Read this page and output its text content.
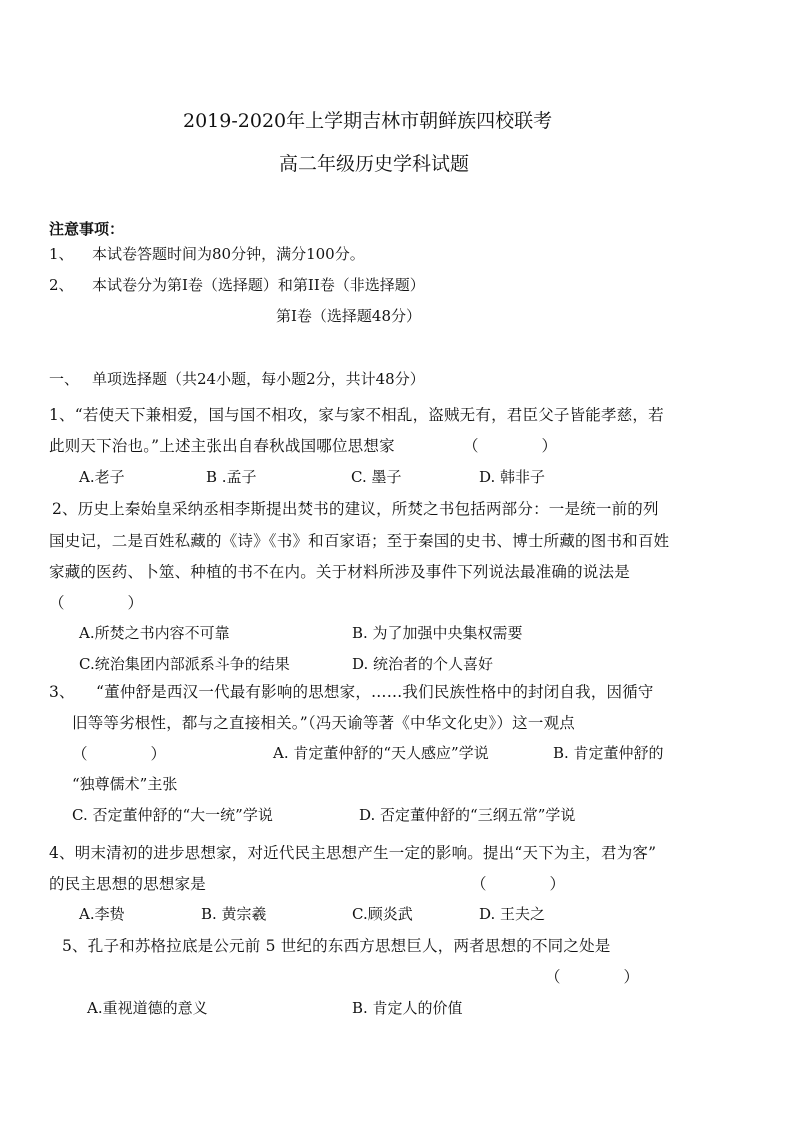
2019-2020年上学期吉林市朝鲜族四校联考
高二年级历史学科试题
注意事项：
1、 本试卷答题时间为80分钟，满分100分。
2、 本试卷分为第I卷（选择题）和第II卷（非选择题）
第I卷（选择题48分）
一、 单项选择题（共24小题，每小题2分，共计48分）
1、“若使天下兼相爱，国与国不相攻，家与家不相乱，盗贼无有，君臣父子皆能孝慈，若
此则天下治也。”上述主张出自春秋战国哪位思想家	（　　　　）
A.老子	B .孟子	C. 墨子	D. 韩非子
2、历史上秦始皇采纳丞相李斯提出焚书的建议，所焚之书包括两部分：一是统一前的列
国史记，二是百姓私藏的《诗》《书》和百家语；至于秦国的史书、博士所藏的图书和百姓
家藏的医药、卜筮、种植的书不在内。关于材料所涉及事件下列说法最准确的说法是
（　　　　）
A.所焚之书内容不可靠	B. 为了加强中央集权需要
C.统治集团内部派系斗争的结果	D. 统治者的个人喜好
3、 “董仲舒是西汉一代最有影响的思想家，……我们民族性格中的封闭自我，因循守
旧等等劣根性，都与之直接相关。”（冯天谕等著《中华文化史》）这一观点
（　　　　）	A. 肯定董仲舒的“天人感应”学说	B. 肯定董仲舒的
“独尊儒术”主张
C. 否定董仲舒的“大一统”学说	D. 否定董仲舒的“三纲五常”学说
4、明末清初的进步思想家，对近代民主思想产生一定的影响。提出“天下为主，君为客”
的民主思想的思想家是	（　　　　）
A.李贽	B. 黄宗羲	C.顾炎武	D. 王夫之
5、孔子和苏格拉底是公元前 5 世纪的东西方思想巨人，两者思想的不同之处是
（　　　　）
A.重视道德的意义	B. 肯定人的价值
